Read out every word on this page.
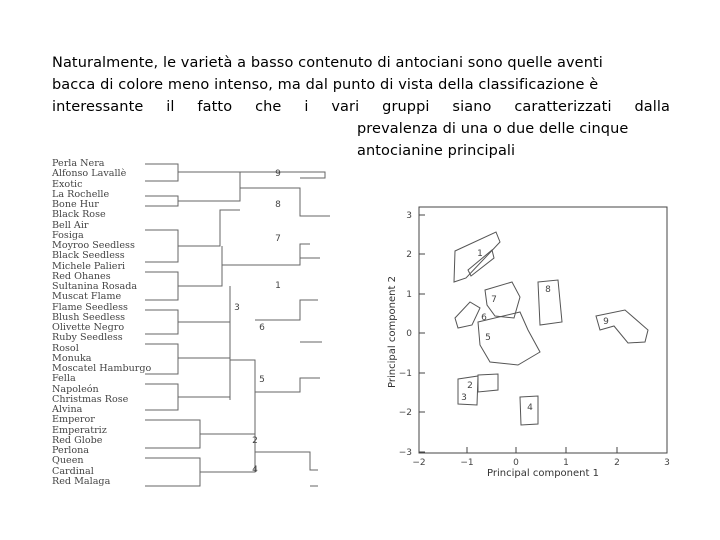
Naturalmente, le varietà a basso contenuto di antociani sono quelle aventi
bacca di colore meno intenso, ma dal punto di vista della classificazione è
interessante il fatto che i vari gruppi siano caratterizzati dalla
prevalenza di una o due delle cinque
antocianine principali
Perla Nera
Alfonso Lavallè
Exotic
La Rochelle
Bone Hur
Black Rose
Bell Air
Fosiga
Moyroo Seedless
Black Seedless
Michele Palieri
Red Ohanes
Sultanina Rosada
Muscat Flame
Flame Seedless
Blush Seedless
Olivette Negro
Ruby Seedless
Rosol
Monuka
Moscatel Hamburgo
Fella
Napoleón
Christmas Rose
Alvina
Emperor
Emperatriz
Red Globe
Perlona
Queen
Cardinal
Red Malaga
9
8
7
1
3
6
5
2
4
−2	−1	0	1	2	3
3
2
1
0
−1
−2
−3
1
7
8
6	9
5
2
3
4
Principal component 1
Principal component 2
